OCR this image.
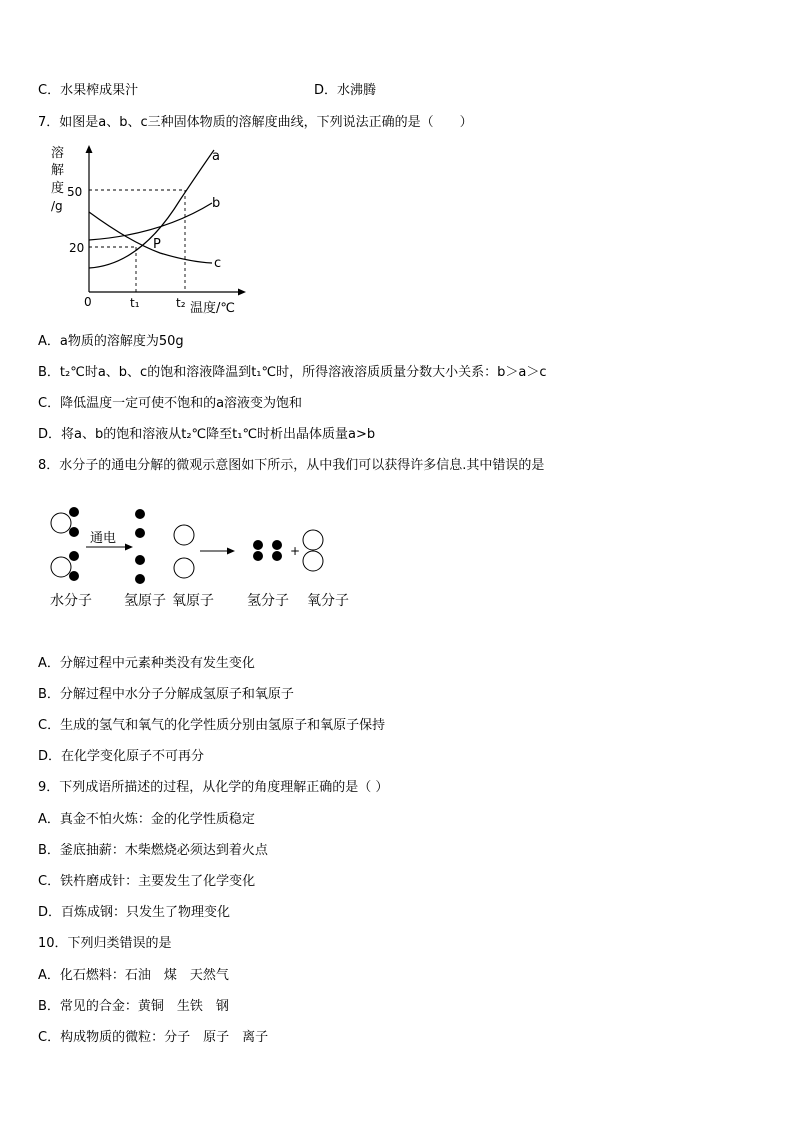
C．水果榨成果汁	D．水沸腾
7．如图是a、b、c三种固体物质的溶解度曲线，下列说法正确的是（　　）
溶
解
度
/g
50
20
a
b
c
P
0	t₁	t₂ 温度/℃
A．a物质的溶解度为50g
B．t₂℃时a、b、c的饱和溶液降温到t₁℃时，所得溶液溶质质量分数大小关系：b＞a＞c
C．降低温度一定可使不饱和的a溶液变为饱和
D．将a、b的饱和溶液从t₂℃降至t₁℃时析出晶体质量a>b
8．水分子的通电分解的微观示意图如下所示，从中我们可以获得许多信息.其中错误的是
通电
+
水分子 氢原子 氧原子 氢分子 氧分子
A．分解过程中元素种类没有发生变化
B．分解过程中水分子分解成氢原子和氧原子
C．生成的氢气和氧气的化学性质分别由氢原子和氧原子保持
D．在化学变化原子不可再分
9．下列成语所描述的过程，从化学的角度理解正确的是（ ）
A．真金不怕火炼：金的化学性质稳定
B．釜底抽薪：木柴燃烧必须达到着火点
C．铁杵磨成针：主要发生了化学变化
D．百炼成钢：只发生了物理变化
10．下列归类错误的是
A．化石燃料：石油　煤　天然气
B．常见的合金：黄铜　生铁　钢
C．构成物质的微粒：分子　原子　离子
